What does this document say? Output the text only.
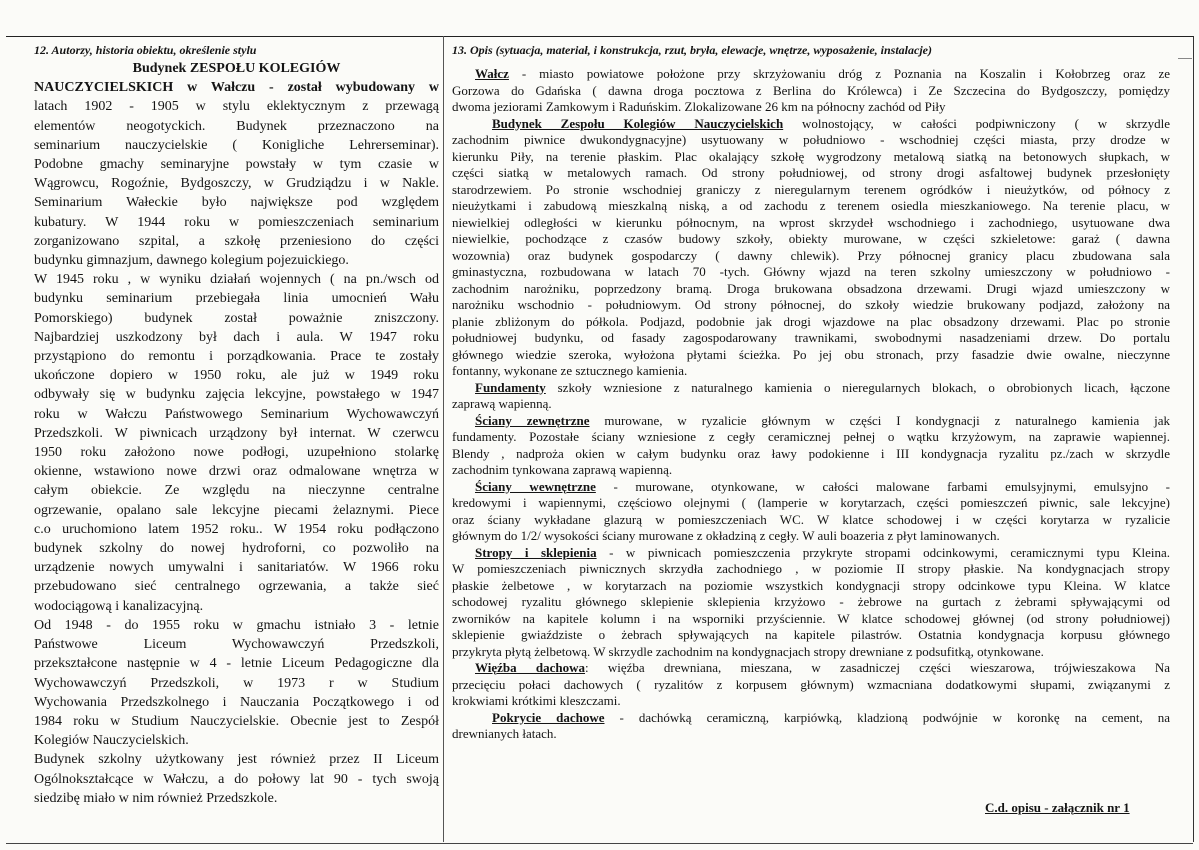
12. Autorzy, historia obiektu, określenie stylu

Budynek ZESPOŁU KOLEGIÓW

NAUCZYCIELSKICH w Wałczu - został wybudowany w

latach 1902 - 1905 w stylu eklektycznym z przewagą

elementów neogotyckich. Budynek przeznaczono na

seminarium nauczycielskie ( Konigliche Lehrerseminar).

Podobne gmachy seminaryjne powstały w tym czasie w

Wągrowcu, Rogoźnie, Bydgoszczy, w Grudziądzu i w Nakle.

Seminarium Wałeckie było największe pod względem

kubatury. W 1944 roku w pomieszczeniach seminarium

zorganizowano szpital, a szkołę przeniesiono do części

budynku gimnazjum, dawnego kolegium pojezuickiego.

W 1945 roku , w wyniku działań wojennych ( na pn./wsch od

budynku seminarium przebiegała linia umocnień Wału

Pomorskiego) budynek został poważnie zniszczony.

Najbardziej uszkodzony był dach i aula. W 1947 roku

przystąpiono do remontu i porządkowania. Prace te zostały

ukończone dopiero w 1950 roku, ale już w 1949 roku

odbywały się w budynku zajęcia lekcyjne, powstałego w 1947

roku w Wałczu Państwowego Seminarium Wychowawczyń

Przedszkoli. W piwnicach urządzony był internat. W czerwcu

1950 roku założono nowe podłogi, uzupełniono stolarkę

okienne, wstawiono nowe drzwi oraz odmalowane wnętrza w

całym obiekcie. Ze względu na nieczynne centralne

ogrzewanie, opalano sale lekcyjne piecami żelaznymi. Piece

c.o uruchomiono latem 1952 roku.. W 1954 roku podłączono

budynek szkolny do nowej hydroforni, co pozwoliło na

urządzenie nowych umywalni i sanitariatów. W 1966 roku

przebudowano sieć centralnego ogrzewania, a także sieć

wodociągową i kanalizacyjną.

Od 1948 - do 1955 roku w gmachu istniało 3 - letnie

Państwowe Liceum Wychowawczyń Przedszkoli,

przekształcone następnie w 4 - letnie Liceum Pedagogiczne dla

Wychowawczyń Przedszkoli, w 1973 r w Studium

Wychowania Przedszkolnego i Nauczania Początkowego i od

1984 roku w Studium Nauczycielskie. Obecnie jest to Zespół

Kolegiów Nauczycielskich.

Budynek szkolny użytkowany jest również przez II Liceum

Ogólnokształcące w Wałczu, a do połowy lat 90 - tych swoją

siedzibę miało w nim również Przedszkole.

13. Opis (sytuacja, materiał, i konstrukcja, rzut, bryła, elewacje, wnętrze, wyposażenie, instalacje)

Wałcz - miasto powiatowe położone przy skrzyżowaniu dróg z Poznania na Koszalin i Kołobrzeg oraz ze

Gorzowa do Gdańska ( dawna droga pocztowa z Berlina do Królewca) i Ze Szczecina do Bydgoszczy, pomiędzy

dwoma jeziorami Zamkowym i Raduńskim. Zlokalizowane 26 km na północny zachód od Piły

Budynek Zespołu Kolegiów Nauczycielskich wolnostojący, w całości podpiwniczony ( w skrzydle

zachodnim piwnice dwukondygnacyjne) usytuowany w południowo - wschodniej części miasta, przy drodze w

kierunku Piły, na terenie płaskim. Plac okalający szkołę wygrodzony metalową siatką na betonowych słupkach, w

części siatką w metalowych ramach. Od strony południowej, od strony drogi asfaltowej budynek przesłonięty

starodrzewiem. Po stronie wschodniej graniczy z nieregularnym terenem ogródków i nieużytków, od północy z

nieużytkami i zabudową mieszkalną niską, a od zachodu z terenem osiedla mieszkaniowego. Na terenie placu, w

niewielkiej odległości w kierunku północnym, na wprost skrzydeł wschodniego i zachodniego, usytuowane dwa

niewielkie, pochodzące z czasów budowy szkoły, obiekty murowane, w części szkieletowe: garaż ( dawna

wozownia) oraz budynek gospodarczy ( dawny chlewik). Przy północnej granicy placu zbudowana sala

gminastyczna, rozbudowana w latach 70 -tych. Główny wjazd na teren szkolny umieszczony w południowo -

zachodnim narożniku, poprzedzony bramą. Droga brukowana obsadzona drzewami. Drugi wjazd umieszczony w

narożniku wschodnio - południowym. Od strony północnej, do szkoły wiedzie brukowany podjazd, założony na

planie zbliżonym do półkola. Podjazd, podobnie jak drogi wjazdowe na plac obsadzony drzewami. Plac po stronie

południowej budynku, od fasady zagospodarowany trawnikami, swobodnymi nasadzeniami drzew. Do portalu

głównego wiedzie szeroka, wyłożona płytami ścieżka. Po jej obu stronach, przy fasadzie dwie owalne, nieczynne

fontanny, wykonane ze sztucznego kamienia.

Fundamenty szkoły wzniesione z naturalnego kamienia o nieregularnych blokach, o obrobionych licach, łączone

zaprawą wapienną.

Ściany zewnętrzne murowane, w ryzalicie głównym w części I kondygnacji z naturalnego kamienia jak

fundamenty. Pozostałe ściany wzniesione z cegły ceramicznej pełnej o wątku krzyżowym, na zaprawie wapiennej.

Blendy , nadproża okien w całym budynku oraz ławy podokienne i III kondygnacja ryzalitu pz./zach w skrzydle

zachodnim tynkowana zaprawą wapienną.

Ściany wewnętrzne - murowane, otynkowane, w całości malowane farbami emulsyjnymi, emulsyjno -

kredowymi i wapiennymi, częściowo olejnymi ( (lamperie w korytarzach, części pomieszczeń piwnic, sale lekcyjne)

oraz ściany wykładane glazurą w pomieszczeniach WC. W klatce schodowej i w części korytarza w ryzalicie

głównym do 1/2/ wysokości ściany murowane z okładziną z cegły. W auli boazeria z płyt laminowanych.

Stropy i sklepienia - w piwnicach pomieszczenia przykryte stropami odcinkowymi, ceramicznymi typu Kleina.

W pomieszczeniach piwnicznych skrzydła zachodniego , w poziomie II stropy płaskie. Na kondygnacjach stropy

płaskie żelbetowe , w korytarzach na poziomie wszystkich kondygnacji stropy odcinkowe typu Kleina. W klatce

schodowej ryzalitu głównego sklepienie sklepienia krzyżowo - żebrowe na gurtach z żebrami spływającymi od

zworników na kapitele kolumn i na wsporniki przyściennie. W klatce schodowej głównej (od strony południowej)

sklepienie gwiaździste o żebrach spływających na kapitele pilastrów. Ostatnia kondygnacja korpusu głównego

przykryta płytą żelbetową. W skrzydle zachodnim na kondygnacjach stropy drewniane z podsufitką, otynkowane.

Więźba dachowa: więźba drewniana, mieszana, w zasadniczej części wieszarowa, trójwieszakowa Na

przecięciu połaci dachowych ( ryzalitów z korpusem głównym) wzmacniana dodatkowymi słupami, związanymi z

krokwiami krótkimi kleszczami.

Pokrycie dachowe - dachówką ceramiczną, karpiówką, kladzioną podwójnie w koronkę na cement, na

drewnianych łatach.

C.d. opisu - załącznik nr 1
